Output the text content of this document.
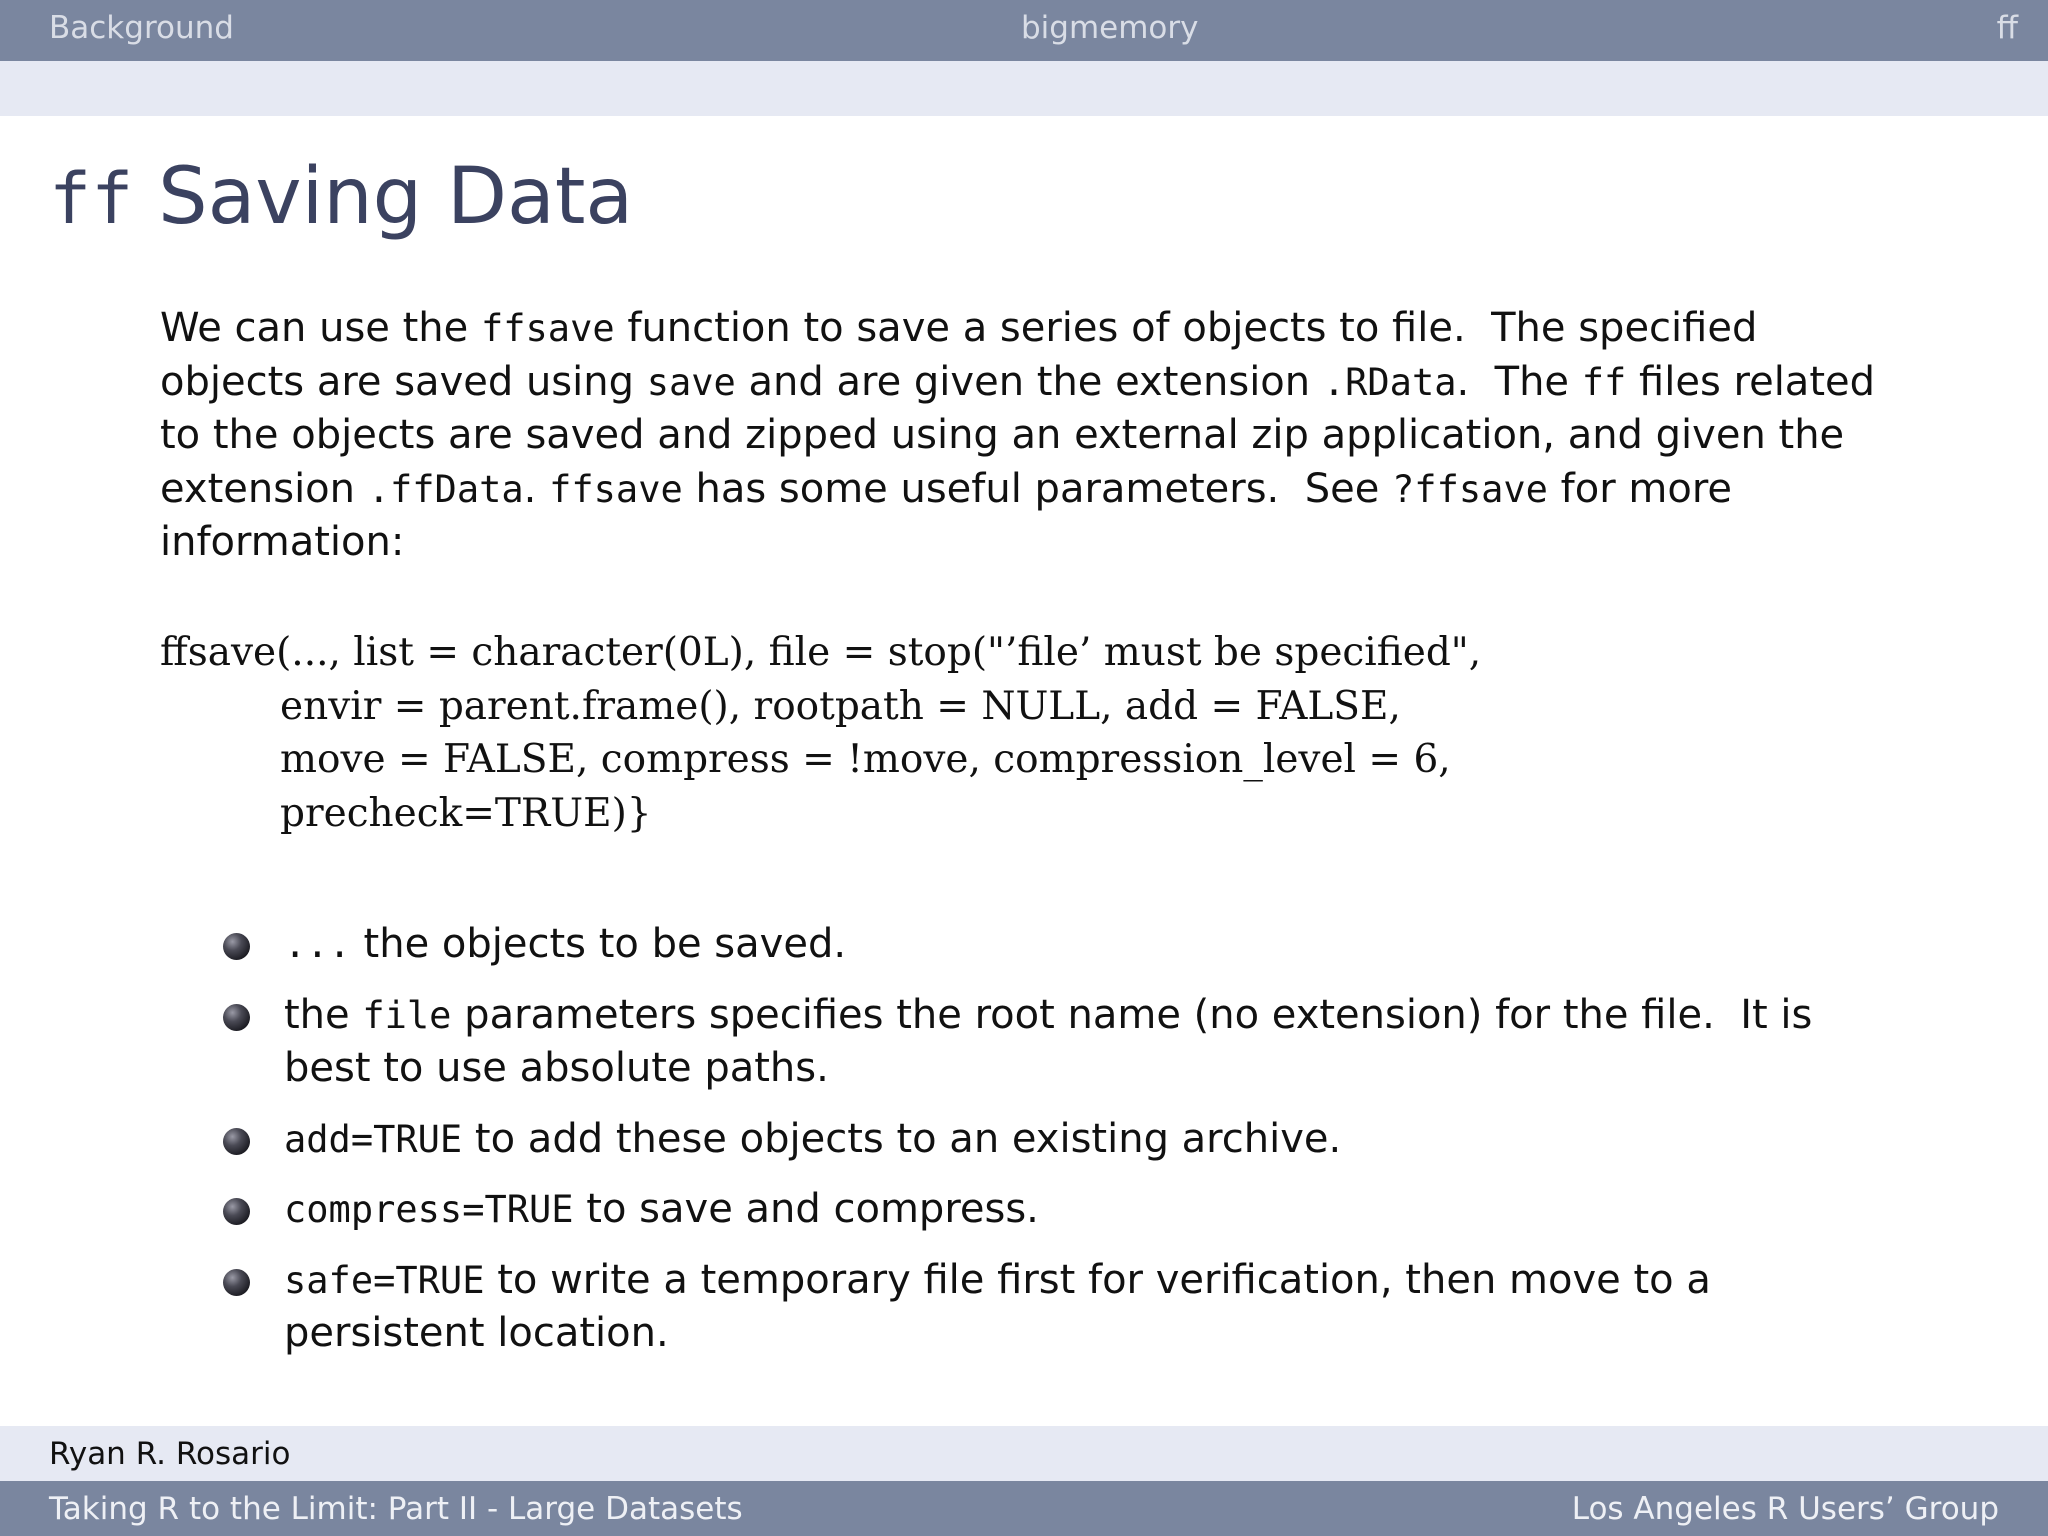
Background	bigmemory	ff
ff Saving Data
We can use the ffsave function to save a series of objects to file.  The specified
objects are saved using save and are given the extension .RData.  The ff files related
to the objects are saved and zipped using an external zip application, and given the
extension .ffData. ffsave has some useful parameters.  See ?ffsave for more
information:
ffsave(..., list = character(0L), file = stop("’file’ must be specified",
envir = parent.frame(), rootpath = NULL, add = FALSE,
move = FALSE, compress = !move, compression_level = 6,
precheck=TRUE)}
... the objects to be saved.
the file parameters specifies the root name (no extension) for the file.  It is
best to use absolute paths.
add=TRUE to add these objects to an existing archive.
compress=TRUE to save and compress.
safe=TRUE to write a temporary file first for verification, then move to a
persistent location.
Ryan R. Rosario
Taking R to the Limit: Part II - Large Datasets	Los Angeles R Users’ Group
